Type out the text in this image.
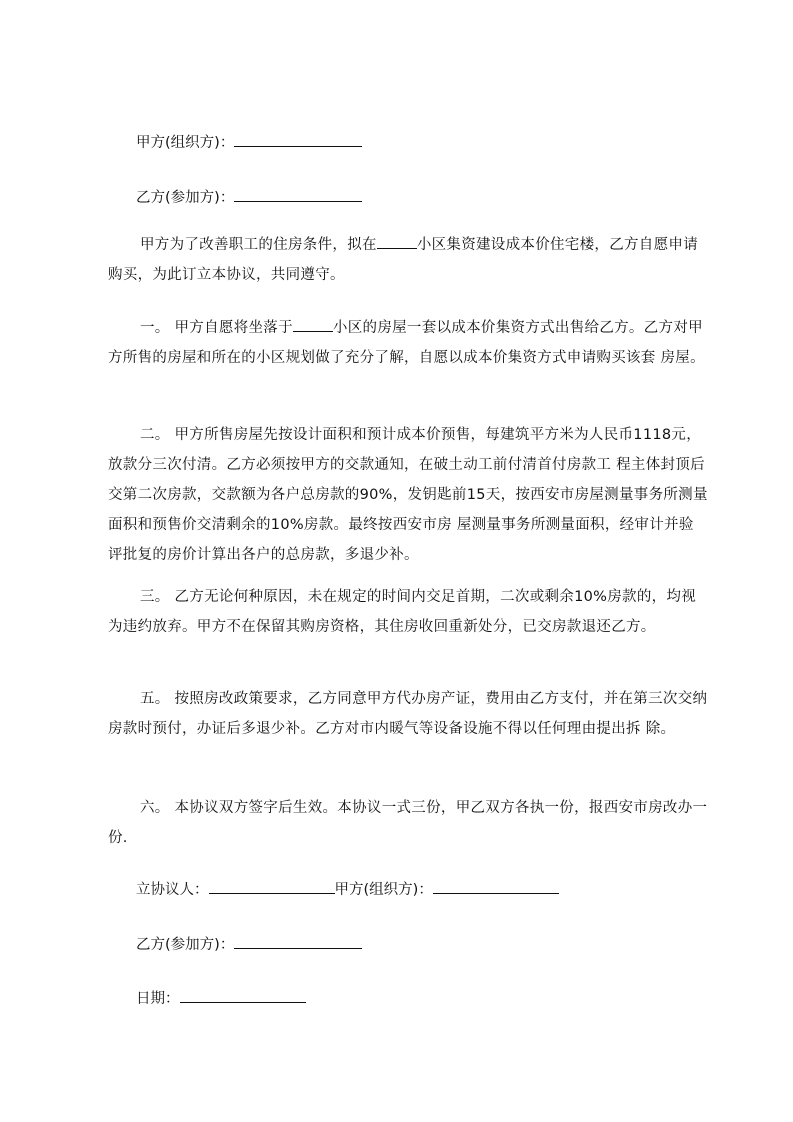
甲方(组织方)：
乙方(参加方)：
甲方为了改善职工的住房条件，拟在	小区集资建设成本价住宅楼，乙方自愿申请购买，为此订立本协议，共同遵守。
一。 甲方自愿将坐落于	小区的房屋一套以成本价集资方式出售给乙方。乙方对甲方所售的房屋和所在的小区规划做了充分了解，自愿以成本价集资方式申请购买该套 房屋。
二。 甲方所售房屋先按设计面积和预计成本价预售，每建筑平方米为人民币1118元，放款分三次付清。乙方必须按甲方的交款通知，在破土动工前付清首付房款工 程主体封顶后交第二次房款，交款额为各户总房款的90%，发钥匙前15天，按西安市房屋测量事务所测量面积和预售价交清剩余的10%房款。最终按西安市房 屋测量事务所测量面积，经审计并验评批复的房价计算出各户的总房款，多退少补。
三。 乙方无论何种原因，未在规定的时间内交足首期，二次或剩余10%房款的，均视为违约放弃。甲方不在保留其购房资格，其住房收回重新处分，已交房款退还乙方。
五。 按照房改政策要求，乙方同意甲方代办房产证，费用由乙方支付，并在第三次交纳房款时预付，办证后多退少补。乙方对市内暖气等设备设施不得以任何理由提出拆 除。
六。 本协议双方签字后生效。本协议一式三份，甲乙双方各执一份，报西安市房改办一份.
立协议人：	甲方(组织方)：
乙方(参加方)：
日期：
